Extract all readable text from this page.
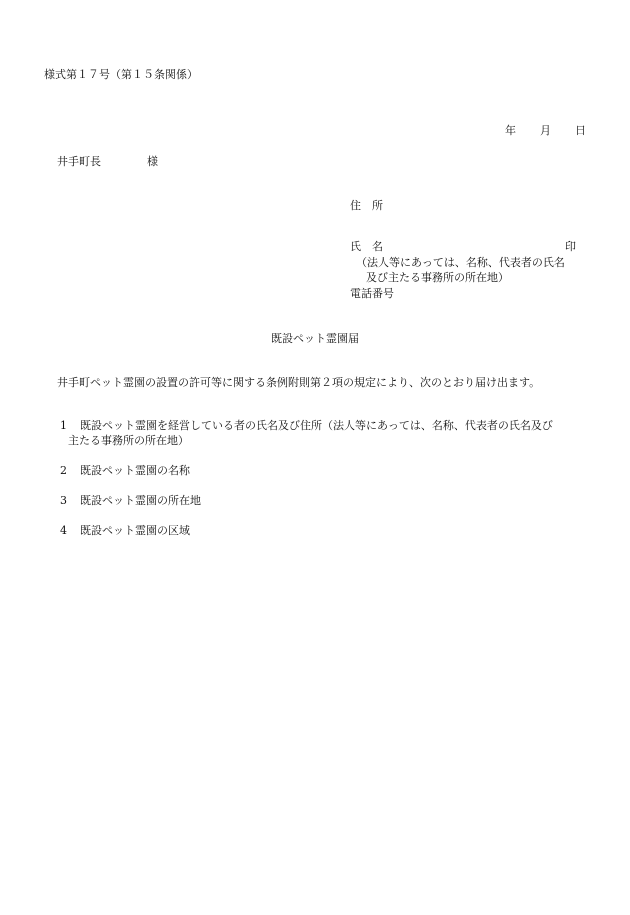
様式第１７号（第１５条関係）
年 月 日
井手町長	様
住　所
氏　名	印
（法人等にあっては、名称、代表者の氏名
及び主たる事務所の所在地）
電話番号
既設ペット霊園届
井手町ペット霊園の設置の許可等に関する条例附則第２項の規定により、次のとおり届け出ます。
1 既設ペット霊園を経営している者の氏名及び住所（法人等にあっては、名称、代表者の氏名及び
主たる事務所の所在地）
2 既設ペット霊園の名称
3 既設ペット霊園の所在地
4 既設ペット霊園の区域
